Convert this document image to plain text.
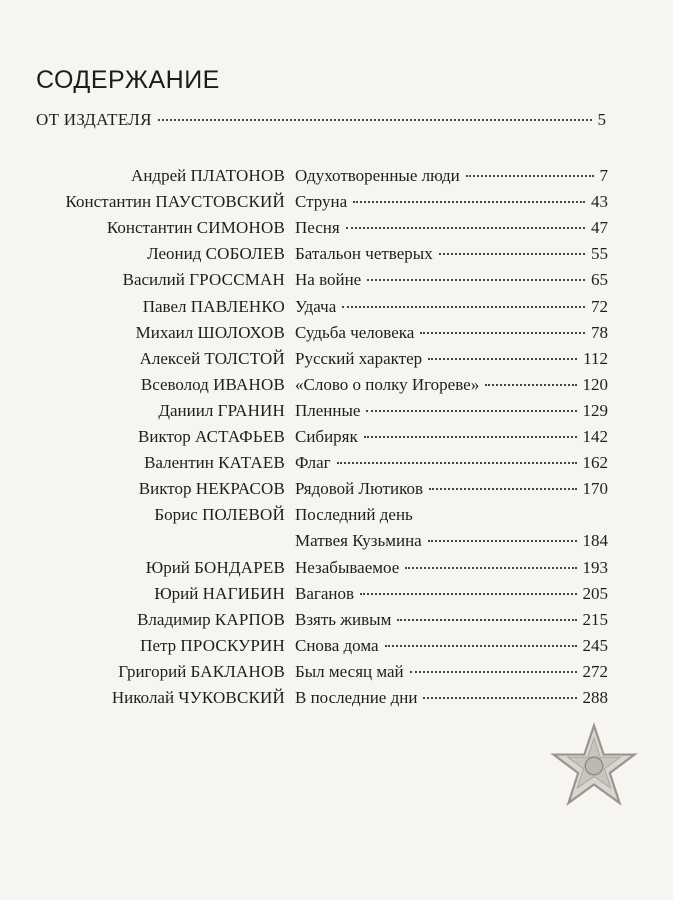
СОДЕРЖАНИЕ
ОТ ИЗДАТЕЛЯ	5
Андрей ПЛАТОНОВ Одухотворенные люди	7
Константин ПАУСТОВСКИЙ Струна	43
Константин СИМОНОВ Песня	47
Леонид СОБОЛЕВ Батальон четверых	55
Василий ГРОССМАН На войне	65
Павел ПАВЛЕНКО Удача	72
Михаил ШОЛОХОВ Судьба человека	78
Алексей ТОЛСТОЙ Русский характер	112
Всеволод ИВАНОВ «Слово о полку Игореве»	120
Даниил ГРАНИН Пленные	129
Виктор АСТАФЬЕВ Сибиряк	142
Валентин КАТАЕВ Флаг	162
Виктор НЕКРАСОВ Рядовой Лютиков	170
Борис ПОЛЕВОЙ Последний день
Матвея Кузьмина	184
Юрий БОНДАРЕВ Незабываемое	193
Юрий НАГИБИН Ваганов	205
Владимир КАРПОВ Взять живым	215
Петр ПРОСКУРИН Снова дома	245
Григорий БАКЛАНОВ Был месяц май	272
Николай ЧУКОВСКИЙ В последние дни	288
